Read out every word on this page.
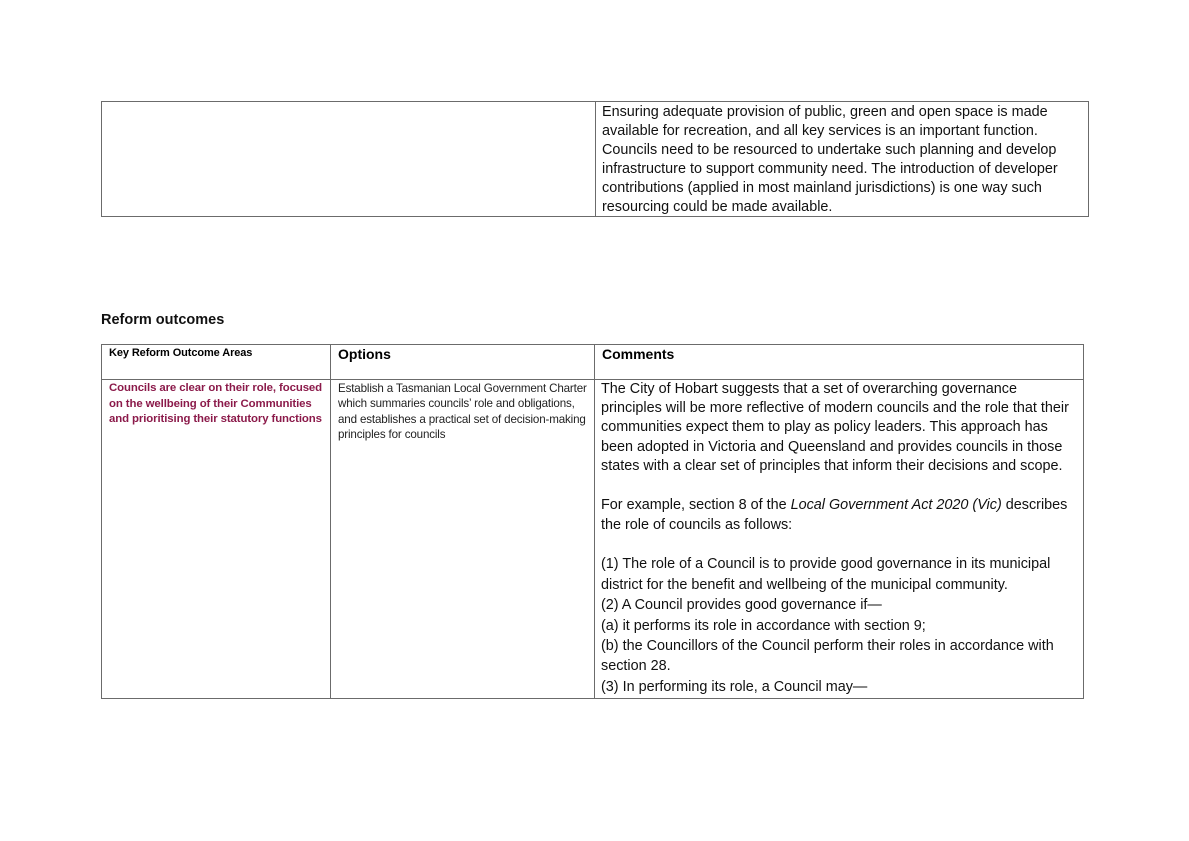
Ensuring adequate provision of public, green and open space is made available for recreation, and all key services is an important function. Councils need to be resourced to undertake such planning and develop infrastructure to support community need. The introduction of developer contributions (applied in most mainland jurisdictions) is one way such resourcing could be made available.
Reform outcomes
Key Reform Outcome Areas	Options	Comments
Councils are clear on their role, focused on the wellbeing of their Communities and prioritising their statutory functions
Establish a Tasmanian Local Government Charter which summaries councils’ role and obligations, and establishes a practical set of decision-making principles for councils

The City of Hobart suggests that a set of overarching governance principles will be more reflective of modern councils and the role that their communities expect them to play as policy leaders. This approach has been adopted in Victoria and Queensland and provides councils in those states with a clear set of principles that inform their decisions and scope.

For example, section 8 of the Local Government Act 2020 (Vic) describes the role of councils as follows:

(1) The role of a Council is to provide good governance in its municipal district for the benefit and wellbeing of the municipal community.
(2) A Council provides good governance if—
(a) it performs its role in accordance with section 9;
(b) the Councillors of the Council perform their roles in accordance with section 28.
(3) In performing its role, a Council may—
